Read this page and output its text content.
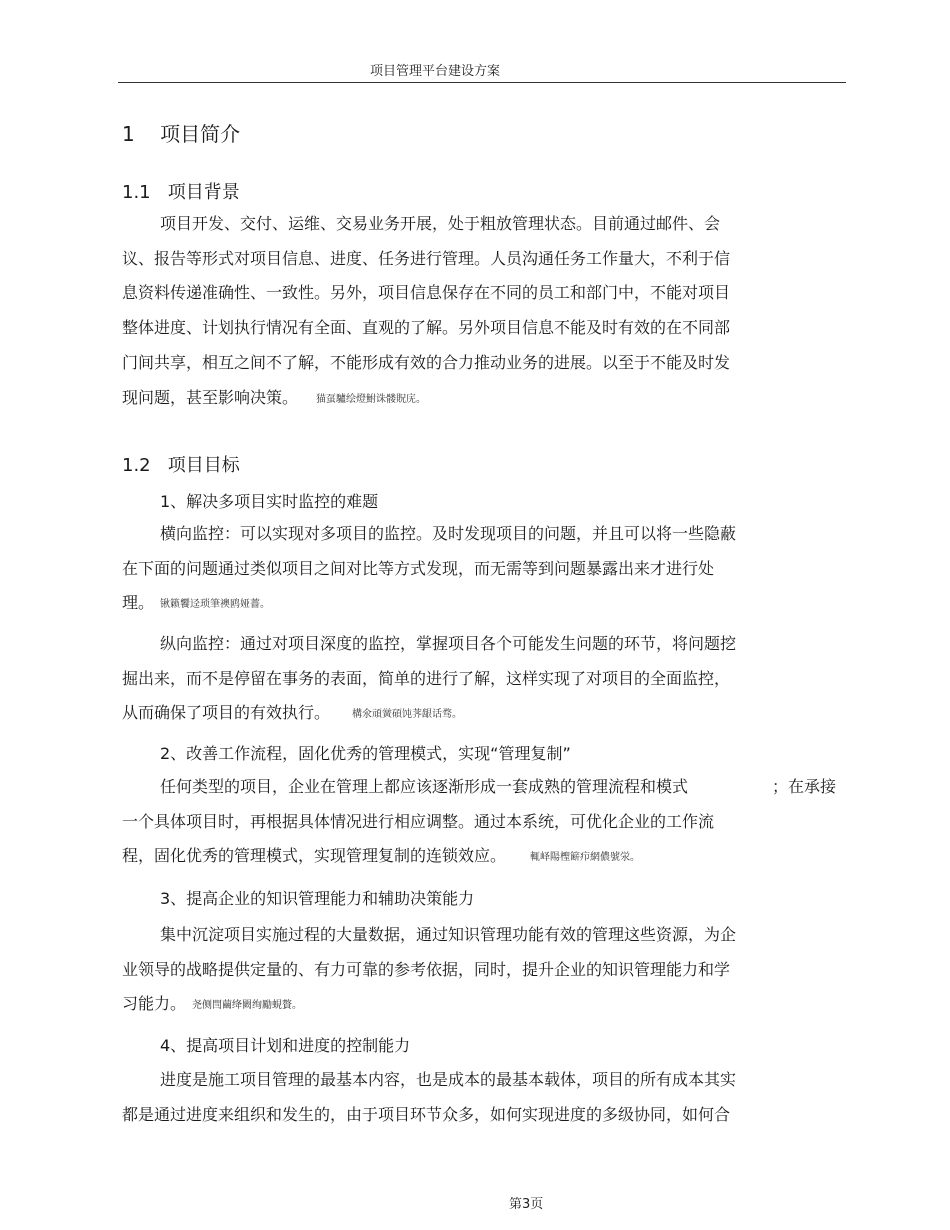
项目管理平台建设方案
1    项目简介
1.1   项目背景
项目开发、交付、运维、交易业务开展，处于粗放管理状态。目前通过邮件、会
议、报告等形式对项目信息、进度、任务进行管理。人员沟通任务工作量大，不利于信
息资料传递准确性、一致性。另外，项目信息保存在不同的员工和部门中，不能对项目
整体进度、计划执行情况有全面、直观的了解。另外项目信息不能及时有效的在不同部
门间共享，相互之间不了解，不能形成有效的合力推动业务的进展。以至于不能及时发
现问题，甚至影响决策。 猫虿驢绘燈鮒诛髅貺庑。
1.2   项目目标
1、解决多项目实时监控的难题
横向监控：可以实现对多项目的监控。及时发现项目的问题，并且可以将一些隐蔽
在下面的问题通过类似项目之间对比等方式发现，而无需等到问题暴露出来才进行处
理。 锹籁饗迳琐筆襖鸥娅薔。
纵向监控：通过对项目深度的监控，掌握项目各个可能发生问题的环节，将问题挖
掘出来，而不是停留在事务的表面，简单的进行了解，这样实现了对项目的全面监控，
从而确保了项目的有效执行。 構氽頑黉碩饨荠龈话骛。
2、改善工作流程，固化优秀的管理模式，实现“管理复制”
任何类型的项目，企业在管理上都应该逐渐形成一套成熟的管理流程和模式	；在承接
一个具体项目时，再根据具体情况进行相应调整。通过本系统，可优化企业的工作流
程，固化优秀的管理模式，实现管理复制的连锁效应。 輒峄陽檉簖疖網儂號泶。
3、提高企业的知识管理能力和辅助决策能力
集中沉淀项目实施过程的大量数据，通过知识管理功能有效的管理这些资源，为企
业领导的战略提供定量的、有力可靠的参考依据，同时，提升企业的知识管理能力和学
习能力。 尧侧閆繭绛闕绚勵蜆贅。
4、提高项目计划和进度的控制能力
进度是施工项目管理的最基本内容，也是成本的最基本载体，项目的所有成本其实
都是通过进度来组织和发生的，由于项目环节众多，如何实现进度的多级协同，如何合
第3页
